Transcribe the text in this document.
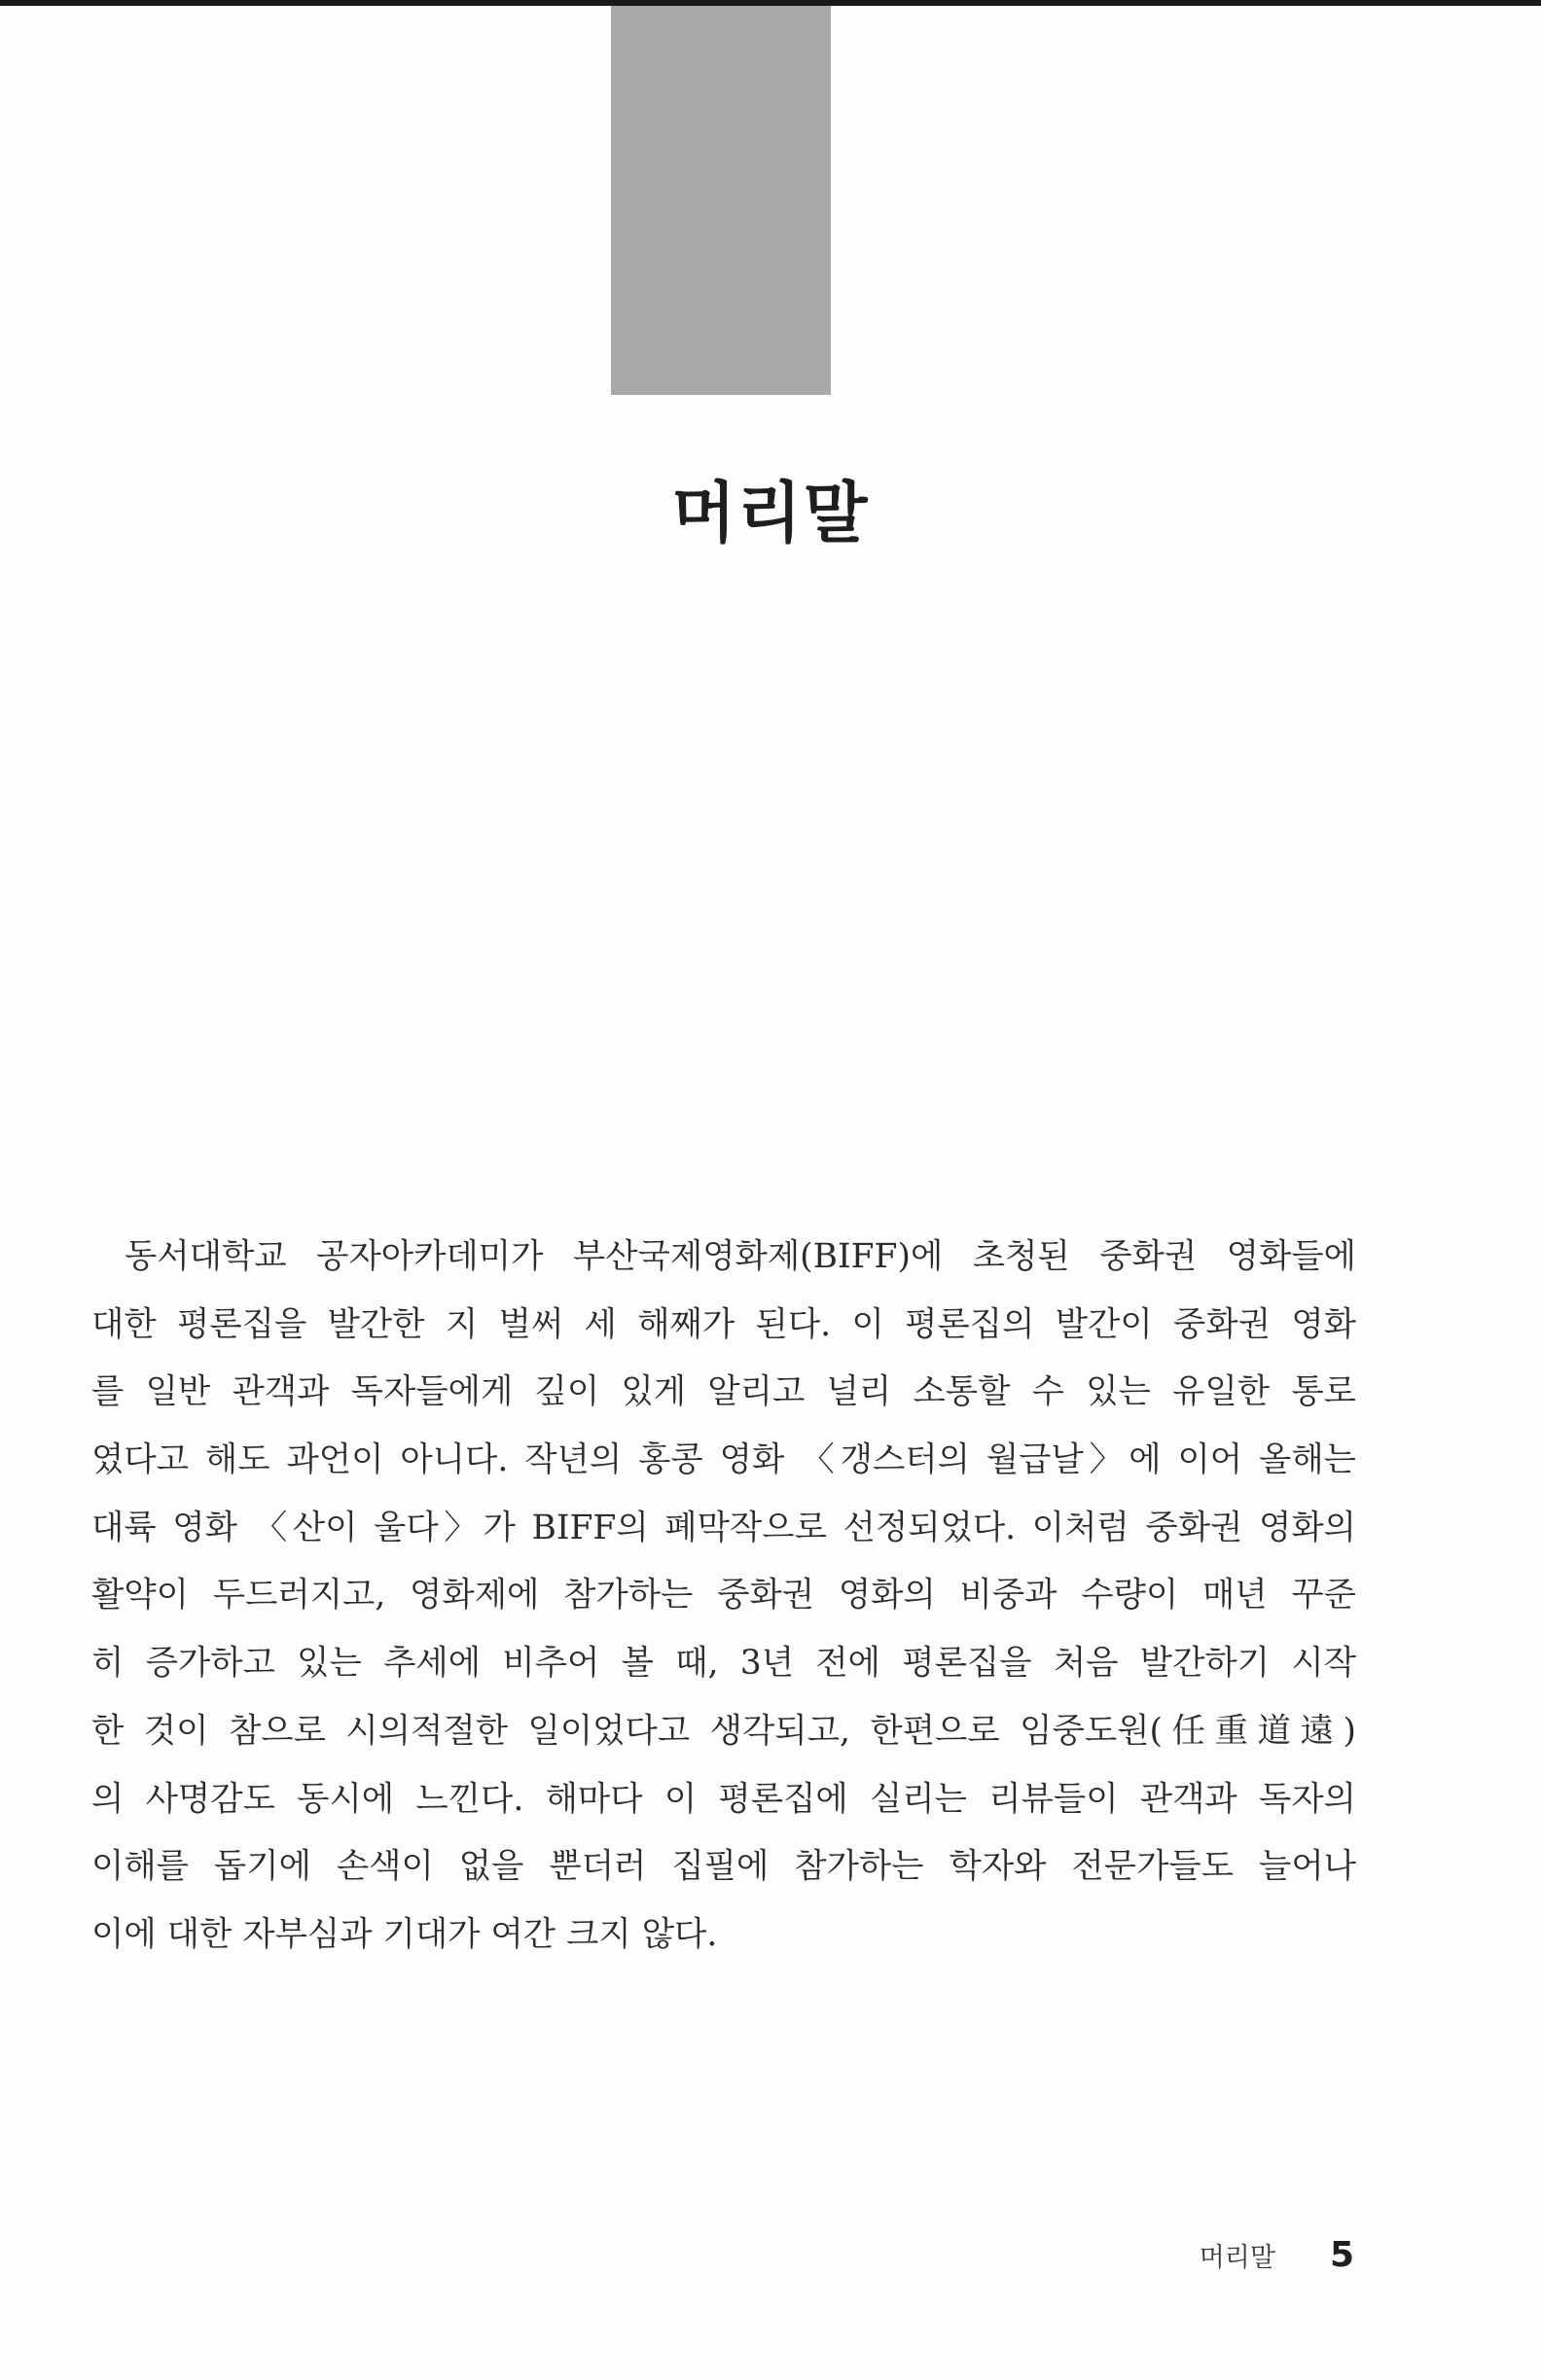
머리말
동서대학교 공자아카데미가 부산국제영화제(BIFF)에 초청된 중화권 영화들에
대한 평론집을 발간한 지 벌써 세 해째가 된다. 이 평론집의 발간이 중화권 영화
를 일반 관객과 독자들에게 깊이 있게 알리고 널리 소통할 수 있는 유일한 통로
였다고 해도 과언이 아니다. 작년의 홍콩 영화 〈갱스터의 월급날〉에 이어 올해는
대륙 영화 〈산이 울다〉가 BIFF의 폐막작으로 선정되었다. 이처럼 중화권 영화의
활약이 두드러지고, 영화제에 참가하는 중화권 영화의 비중과 수량이 매년 꾸준
히 증가하고 있는 추세에 비추어 볼 때, 3년 전에 평론집을 처음 발간하기 시작
한 것이 참으로 시의적절한 일이었다고 생각되고, 한편으로 임중도원(任重道遠)
의 사명감도 동시에 느낀다. 해마다 이 평론집에 실리는 리뷰들이 관객과 독자의
이해를 돕기에 손색이 없을 뿐더러 집필에 참가하는 학자와 전문가들도 늘어나
이에 대한 자부심과 기대가 여간 크지 않다.
머리말 5
